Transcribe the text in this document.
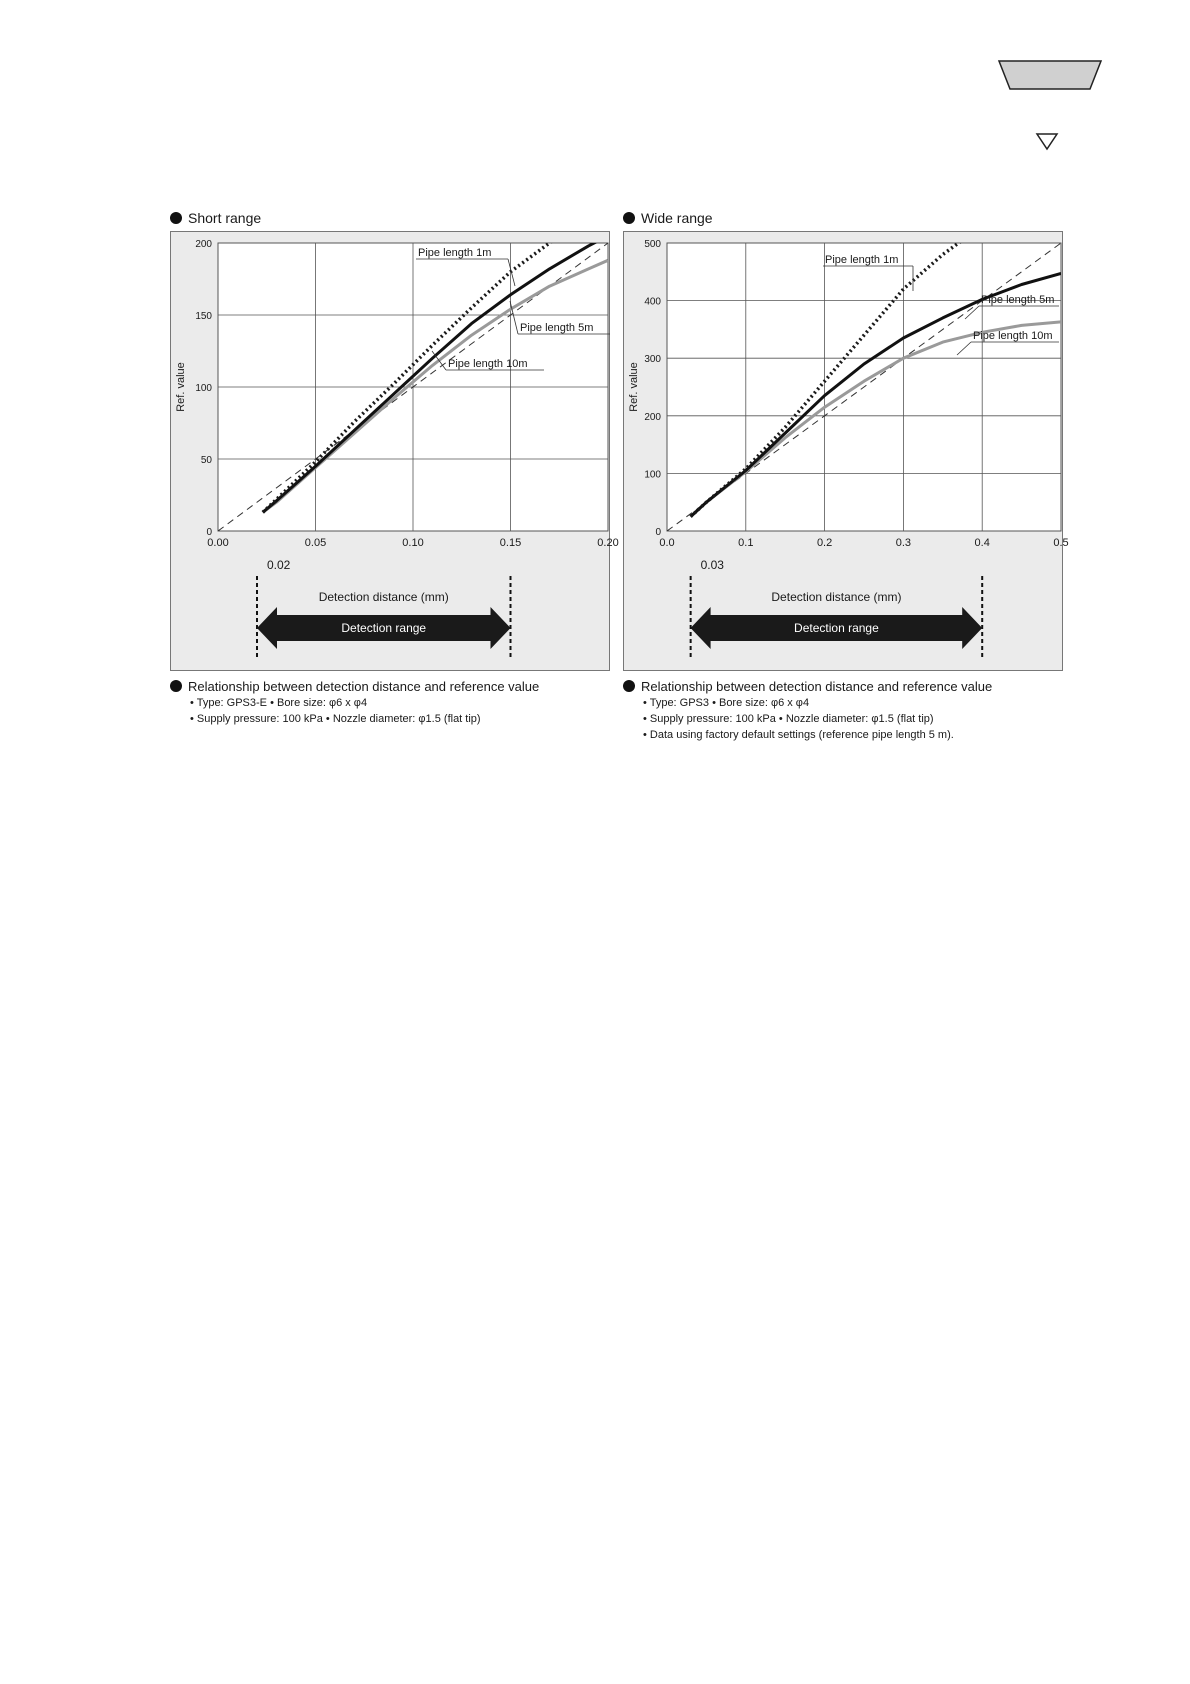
Short range
0.00	0.05	0.10	0.15	0.20
0
50
100
150
200
Ref. value
Pipe length 1m
Pipe length 5m
Pipe length 10m
0.02
Detection distance (mm)
Detection range
Relationship between detection distance and reference value
• Type: GPS3-E • Bore size: φ6 x φ4
• Supply pressure: 100 kPa • Nozzle diameter: φ1.5 (flat tip)
Wide range
0.0	0.1	0.2	0.3	0.4	0.5
0
100
200
300
400
500
Ref. value
Pipe length 1m
Pipe length 5m
Pipe length 10m
0.03
Detection distance (mm)
Detection range
Relationship between detection distance and reference value
• Type: GPS3 • Bore size: φ6 x φ4
• Supply pressure: 100 kPa • Nozzle diameter: φ1.5 (flat tip)
• Data using factory default settings (reference pipe length 5 m).
